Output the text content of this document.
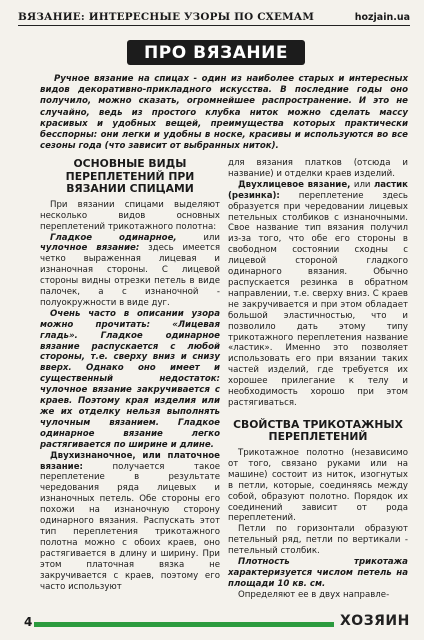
ВЯЗАНИЕ: ИНТЕРЕСНЫЕ УЗОРЫ ПО СХЕМАМ	hozjain.ua
ПРО ВЯЗАНИЕ
Ручное вязание на спицах - один из наиболее старых и интересных видов декоративно-прикладного искусства. В последние годы оно получило, можно сказать, огромнейшее распространение. И это не случайно, ведь из простого клубка ниток можно сделать массу красивых и удобных вещей, преимущества которых практически бесспорны: они легки и удобны в носке, красивы и используются во все сезоны года (что зависит от выбранных ниток).
ОСНОВНЫЕ ВИДЫ ПЕРЕПЛЕТЕНИЙ ПРИ ВЯЗАНИИ СПИЦАМИ

При вязании спицами выделяют несколько видов основных переплетений трикотажного полотна:

Гладкое одинарное, или чулочное вязание: здесь имеется четко выраженная лицевая и изнаночная стороны. С лицевой стороны видны отрезки петель в виде палочек, а с изнаночной - полуокружности в виде дуг.

Очень часто в описании узора можно прочитать: «Лицевая гладь». Гладкое одинарное вязание распускается с любой стороны, т.е. сверху вниз и снизу вверх. Однако оно имеет и существенный недостаток: чулочное вязание закручивается с краев. Поэтому края изделия или же их отделку нельзя выполнять чулочным вязанием. Гладкое одинарное вязание легко растягивается по ширине и длине.

Двухизнаночное, или платочное вязание: получается такое переплетение в результате чередования ряда лицевых и изнаночных петель. Обе стороны его похожи на изнаночную сторону одинарного вязания. Распускать этот тип переплетения трикотажного полотна можно с обоих краев, оно растягивается в длину и ширину. При этом платочная вязка не закручивается с краев, поэтому его часто используют

для вязания платков (отсюда и название) и отделки краев изделий.

Двухлицевое вязание, или ластик (резинка): переплетение здесь образуется при чередовании лицевых петельных столбиков с изнаночными. Свое название тип вязания получил из-за того, что обе его стороны в свободном состоянии сходны с лицевой стороной гладкого одинарного вязания. Обычно распускается резинка в обратном направлении, т.е. сверху вниз. С краев не закручивается и при этом обладает большой эластичностью, что и позволило дать этому типу трикотажного переплетения название «ластик». Именно это позволяет использовать его при вязании таких частей изделий, где требуется их хорошее прилегание к телу и необходимость хорошо при этом растягиваться.

СВОЙСТВА ТРИКОТАЖНЫХ ПЕРЕПЛЕТЕНИЙ

Трикотажное полотно (независимо от того, связано руками или на машине) состоит из ниток, изогнутых в петли, которые, соединяясь между собой, образуют полотно. Порядок их соединений зависит от рода переплетений.

Петли по горизонтали образуют петельный ряд, петли по вертикали - петельный столбик.

Плотность трикотажа характеризуется числом петель на площади 10 кв. см.

Определяют ее в двух направле-

4	ХОЗЯИН
